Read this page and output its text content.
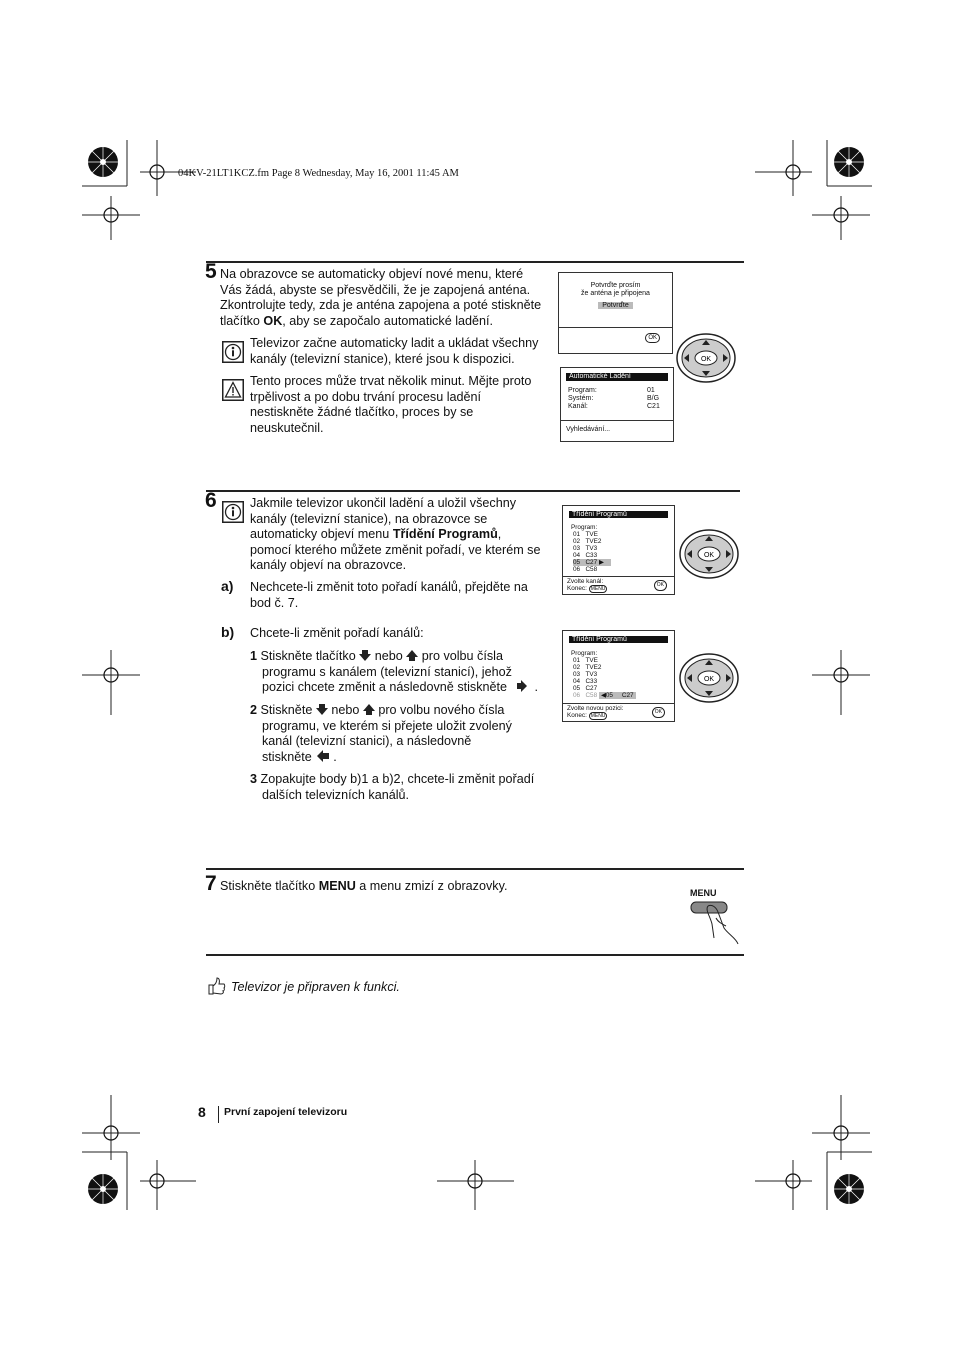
04KV-21LT1KCZ.fm Page 8 Wednesday, May 16, 2001 11:45 AM
5 Na obrazovce se automaticky objeví nové menu, které
Vás žádá, abyste se přesvědčili, že je zapojená anténa.
Zkontrolujte tedy, zda je anténa zapojena a poté stiskněte
tlačítko OK, aby se započalo automatické ladění.
Televizor začne automaticky ladit a ukládat všechny
kanály (televizní stanice), které jsou k dispozici.
Tento proces může trvat několik minut. Mějte proto
trpělivost a po dobu trvání procesu ladění
nestiskněte žádné tlačítko, proces by se
neuskutečnil.
Potvrďte prosím
že anténa je připojena
Potvrďte
OK
OK
Automatické Ladění
Program:
Systém:
Kanál:
01
B/G
C21
Vyhledávání...
6	Jakmile televizor ukončil ladění a uložil všechny
kanály (televizní stanice), na obrazovce se
automaticky objeví menu Třídění Programů,
pomocí kterého můžete změnit pořadí, ve kterém se
kanály objeví na obrazovce.
a) Nechcete-li změnit toto pořadí kanálů, přejděte na
bod č. 7.
b) Chcete-li změnit pořadí kanálů:
1 Stiskněte tlačítko nebo pro volbu čísla
programu s kanálem (televizní stanicí), jehož
pozici chcete změnit a následovně stiskněte .
2 Stiskněte nebo pro volbu nového čísla
programu, ve kterém si přejete uložit zvolený
kanál (televizní stanici), a následovně
stiskněte .
3 Zopakujte body b)1 a b)2, chcete-li změnit pořadí
dalších televizních kanálů.
Třídění Programů
Program:
01 TVE
02 TVE2
03 TV3
04 C33
05 C27 ▶
06 C58
Zvolte kanál:
Konec: MENU
OK
OK
Třídění Programů
Program:
01 TVE
02 TVE2
03 TV3
04 C33
05 C27
06 C58 ◀05 C27
Zvolte novou pozici:
Konec: MENU
OK
OK
7 Stiskněte tlačítko MENU a menu zmizí z obrazovky.	MENU
Televizor je připraven k funkci.
8 První zapojení televizoru
